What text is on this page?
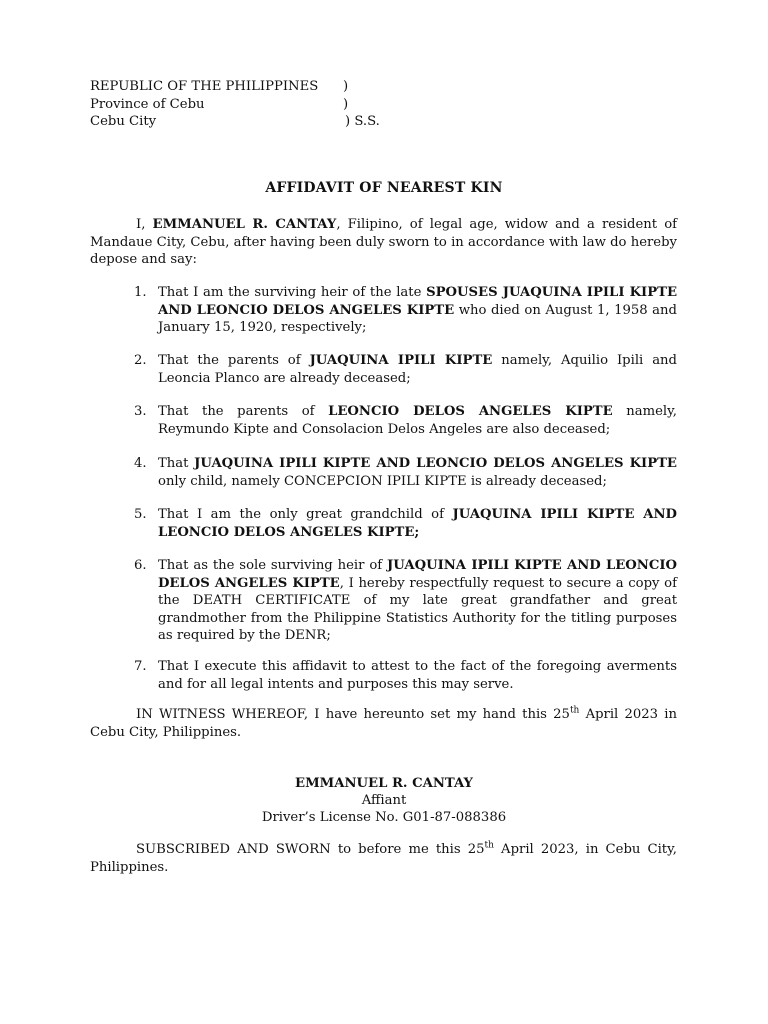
REPUBLIC OF THE PHILIPPINES )
Province of Cebu	)
Cebu City	) S.S.
AFFIDAVIT OF NEAREST KIN
I, EMMANUEL R. CANTAY, Filipino, of legal age, widow and a resident of Mandaue City, Cebu, after having been duly sworn to in accordance with law do hereby depose and say:
1. That I am the surviving heir of the late SPOUSES JUAQUINA IPILI KIPTE AND LEONCIO DELOS ANGELES KIPTE who died on August 1, 1958 and January 15, 1920, respectively;
2. That the parents of JUAQUINA IPILI KIPTE namely, Aquilio Ipili and Leoncia Planco are already deceased;
3. That the parents of LEONCIO DELOS ANGELES KIPTE namely, Reymundo Kipte and Consolacion Delos Angeles are also deceased;
4. That JUAQUINA IPILI KIPTE AND LEONCIO DELOS ANGELES KIPTE only child, namely CONCEPCION IPILI KIPTE is already deceased;
5. That I am the only great grandchild of JUAQUINA IPILI KIPTE AND LEONCIO DELOS ANGELES KIPTE;
6. That as the sole surviving heir of JUAQUINA IPILI KIPTE AND LEONCIO DELOS ANGELES KIPTE, I hereby respectfully request to secure a copy of the DEATH CERTIFICATE of my late great grandfather and great grandmother from the Philippine Statistics Authority for the titling purposes as required by the DENR;
7. That I execute this affidavit to attest to the fact of the foregoing averments and for all legal intents and purposes this may serve.
IN WITNESS WHEREOF, I have hereunto set my hand this 25th April 2023 in Cebu City, Philippines.
EMMANUEL R. CANTAY
Affiant
Driver’s License No. G01-87-088386
SUBSCRIBED AND SWORN to before me this 25th April 2023, in Cebu City, Philippines.
